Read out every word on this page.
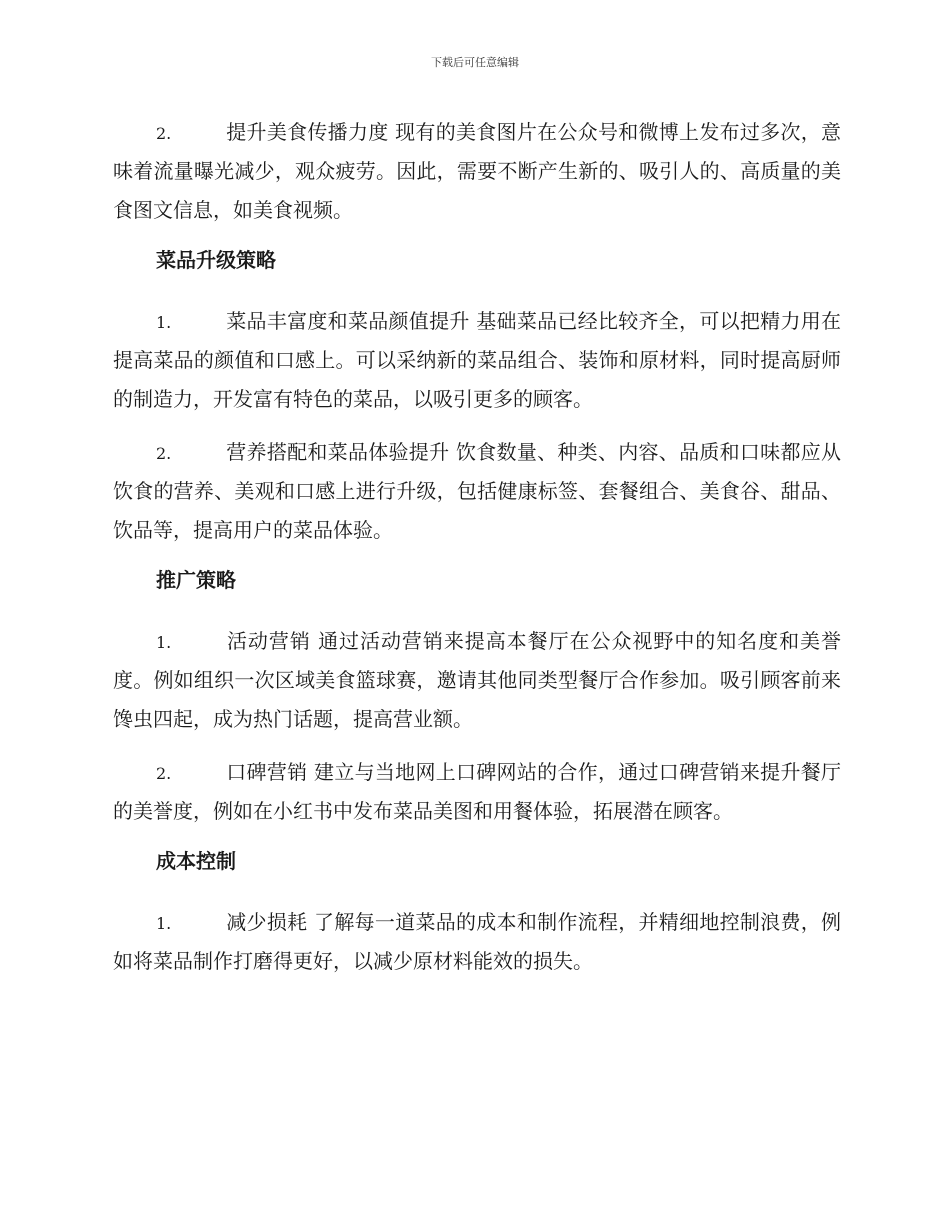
下载后可任意编辑

2.	提升美食传播力度 现有的美食图片在公众号和微博上发布过多次，意味着流量曝光减少，观众疲劳。因此，需要不断产生新的、吸引人的、高质量的美食图文信息，如美食视频。

菜品升级策略

1.	菜品丰富度和菜品颜值提升 基础菜品已经比较齐全，可以把精力用在提高菜品的颜值和口感上。可以采纳新的菜品组合、装饰和原材料，同时提高厨师的制造力，开发富有特色的菜品，以吸引更多的顾客。

2.	营养搭配和菜品体验提升 饮食数量、种类、内容、品质和口味都应从饮食的营养、美观和口感上进行升级，包括健康标签、套餐组合、美食谷、甜品、饮品等，提高用户的菜品体验。

推广策略

1.	活动营销 通过活动营销来提高本餐厅在公众视野中的知名度和美誉度。例如组织一次区域美食篮球赛，邀请其他同类型餐厅合作参加。吸引顾客前来馋虫四起，成为热门话题，提高营业额。

2.	口碑营销 建立与当地网上口碑网站的合作，通过口碑营销来提升餐厅的美誉度，例如在小红书中发布菜品美图和用餐体验，拓展潜在顾客。

成本控制

1.	减少损耗 了解每一道菜品的成本和制作流程，并精细地控制浪费，例如将菜品制作打磨得更好，以减少原材料能效的损失。
